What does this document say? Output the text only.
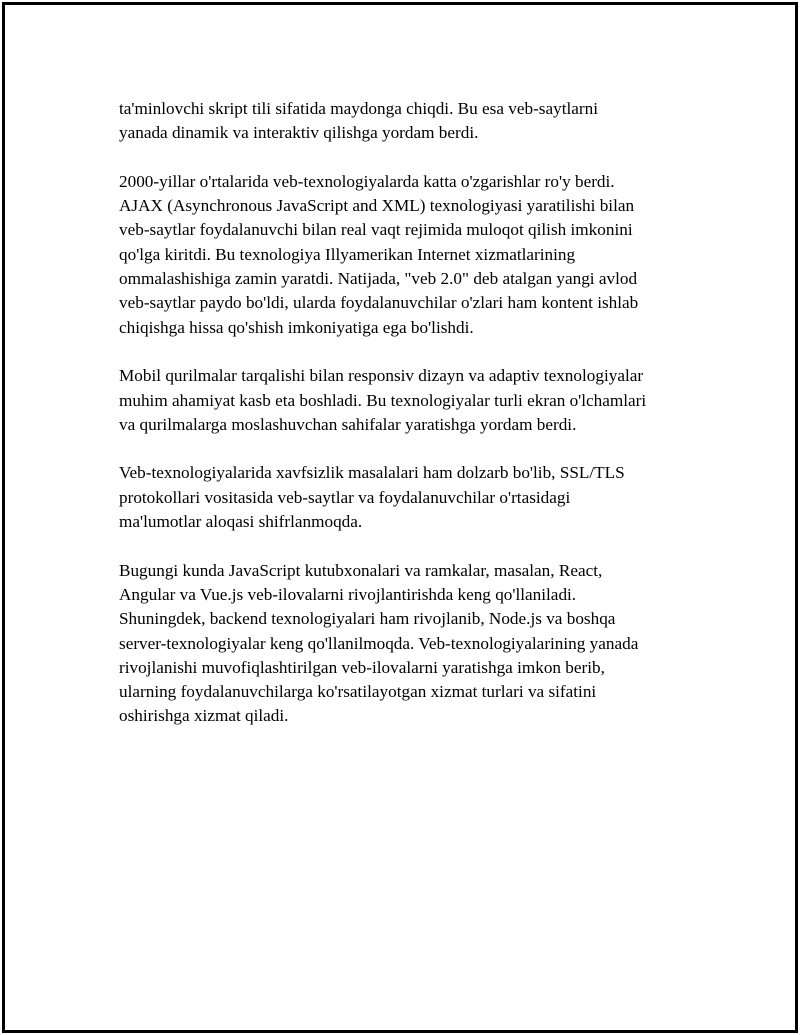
ta'minlovchi skript tili sifatida maydonga chiqdi. Bu esa veb-saytlarni
yanada dinamik va interaktiv qilishga yordam berdi.

2000-yillar o'rtalarida veb-texnologiyalarda katta o'zgarishlar ro'y berdi.
AJAX (Asynchronous JavaScript and XML) texnologiyasi yaratilishi bilan
veb-saytlar foydalanuvchi bilan real vaqt rejimida muloqot qilish imkonini
qo'lga kiritdi. Bu texnologiya Illyamerikan Internet xizmatlarining
ommalashishiga zamin yaratdi. Natijada, "veb 2.0" deb atalgan yangi avlod
veb-saytlar paydo bo'ldi, ularda foydalanuvchilar o'zlari ham kontent ishlab
chiqishga hissa qo'shish imkoniyatiga ega bo'lishdi.

Mobil qurilmalar tarqalishi bilan responsiv dizayn va adaptiv texnologiyalar
muhim ahamiyat kasb eta boshladi. Bu texnologiyalar turli ekran o'lchamlari
va qurilmalarga moslashuvchan sahifalar yaratishga yordam berdi.

Veb-texnologiyalarida xavfsizlik masalalari ham dolzarb bo'lib, SSL/TLS
protokollari vositasida veb-saytlar va foydalanuvchilar o'rtasidagi
ma'lumotlar aloqasi shifrlanmoqda.

Bugungi kunda JavaScript kutubxonalari va ramkalar, masalan, React,
Angular va Vue.js veb-ilovalarni rivojlantirishda keng qo'llaniladi.
Shuningdek, backend texnologiyalari ham rivojlanib, Node.js va boshqa
server-texnologiyalar keng qo'llanilmoqda. Veb-texnologiyalarining yanada
rivojlanishi muvofiqlashtirilgan veb-ilovalarni yaratishga imkon berib,
ularning foydalanuvchilarga ko'rsatilayotgan xizmat turlari va sifatini
oshirishga xizmat qiladi.
